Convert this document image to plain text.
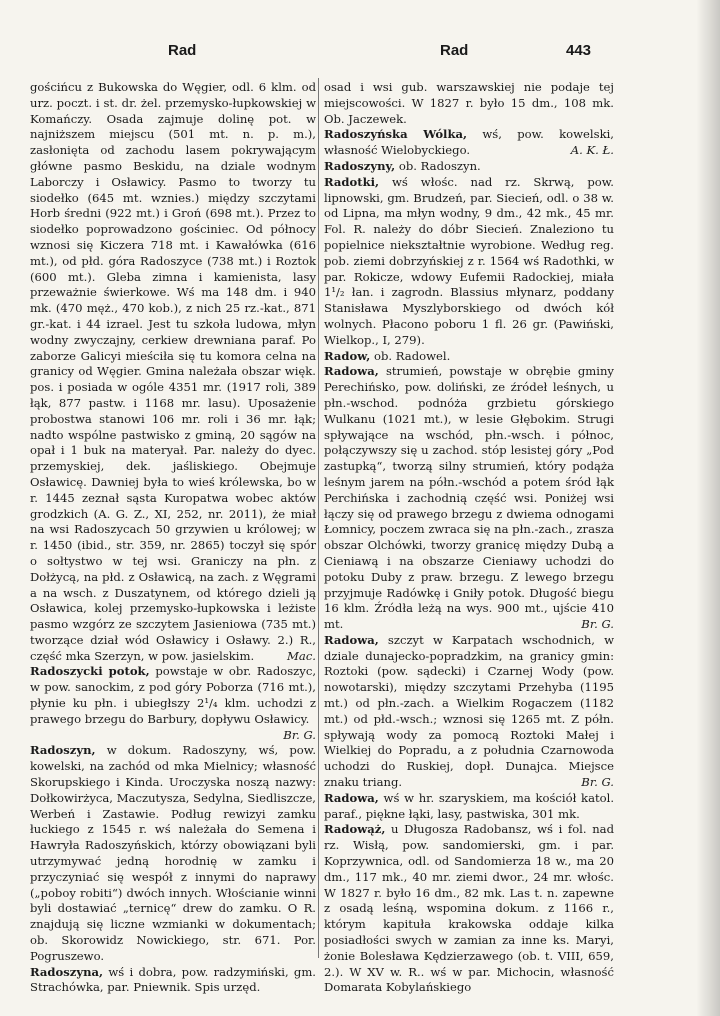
Rad	Rad	443

gościńcu z Bukowska do Węgier, odl. 6 klm. od urz. poczt. i st. dr. żel. przemysko-łupkowskiej w Komańczy. Osada zajmuje dolinę pot. w najniższem miejscu (501 mt. n. p. m.), zasłonięta od zachodu lasem pokrywającym główne pasmo Beskidu, na dziale wodnym Laborczy i Osławicy. Pasmo to tworzy tu siodełko (645 mt. wznies.) między szczytami Horb średni (922 mt.) i Groń (698 mt.). Przez to siodełko poprowadzono gościniec. Od północy wznosi się Kiczera 718 mt. i Kawałówka (616 mt.), od płd. góra Radoszyce (738 mt.) i Roztok (600 mt.). Gleba zimna i kamienista, lasy przeważnie świerkowe. Wś ma 148 dm. i 940 mk. (470 męż., 470 kob.), z nich 25 rz.-kat., 871 gr.-kat. i 44 izrael. Jest tu szkoła ludowa, młyn wodny zwyczajny, cerkiew drewniana paraf. Po zaborze Galicyi mieściła się tu komora celna na granicy od Węgier. Gmina należała obszar więk. pos. i posiada w ogóle 4351 mr. (1917 roli, 389 łąk, 877 pastw. i 1168 mr. lasu). Uposażenie probostwa stanowi 106 mr. roli i 36 mr. łąk; nadto wspólne pastwisko z gminą, 20 sągów na opał i 1 buk na materyał. Par. należy do dyec. przemyskiej, dek. jaśliskiego. Obejmuje Osławicę. Dawniej była to wieś królewska, bo w r. 1445 zeznał sąsta Kuropatwa wobec aktów grodzkich (A. G. Z., XI, 252, nr. 2011), że miał na wsi Radoszycach 50 grzywien u królowej; w r. 1450 (ibid., str. 359, nr. 2865) toczył się spór o sołtystwo w tej wsi. Graniczy na płn. z Dołżycą, na płd. z Osławicą, na zach. z Węgrami a na wsch. z Duszatynem, od którego dzieli ją Osławica, kolej przemysko-łupkowska i leżiste pasmo wzgórz ze szczytem Jasieniowa (735 mt.) tworzące dział wód Osławicy i Osławy. 2.) R., część mka Szerzyn, w pow. jasielskim.	Mac.

Radoszycki potok, powstaje w obr. Radoszyc, w pow. sanockim, z pod góry Poborza (716 mt.), płynie ku płn. i ubiegłszy 2¹/₄ klm. uchodzi z prawego brzegu do Barbury, dopływu Osławicy.
Br. G.

Radoszyn, w dokum. Radoszyny, wś, pow. kowelski, na zachód od mka Mielnicy; własność Skorupskiego i Kinda. Uroczyska noszą nazwy: Dołkowirżyca, Maczutysza, Sedylna, Siedliszcze, Werbeń i Zastawie. Podług rewizyi zamku łuckiego z 1545 r. wś należała do Semena i Hawryła Radoszyńskich, którzy obowiązani byli utrzymywać jedną horodnię w zamku i przyczyniać się wespół z innymi do naprawy („poboy robiti“) dwóch innych. Włościanie winni byli dostawiać „ternicę“ drew do zamku. O R. znajdują się liczne wzmianki w dokumentach; ob. Skorowidz Nowickiego, str. 671. Por. Pogruszewo.

Radoszyna, wś i dobra, pow. radzymiński, gm. Strachówka, par. Pniewnik. Spis urzęd.

osad i wsi gub. warszawskiej nie podaje tej miejscowości. W 1827 r. było 15 dm., 108 mk. Ob. Jaczewek.

Radoszyńska Wólka, wś, pow. kowelski, własność Wielobyckiego.	A. K. Ł.

Radoszyny, ob. Radoszyn.

Radotki, wś włośc. nad rz. Skrwą, pow. lipnowski, gm. Brudzeń, par. Siecień, odl. o 38 w. od Lipna, ma młyn wodny, 9 dm., 42 mk., 45 mr. Fol. R. należy do dóbr Siecień. Znaleziono tu popielnice niekształtnie wyrobione. Według reg. pob. ziemi dobrzyńskiej z r. 1564 wś Radothki, w par. Rokicze, wdowy Eufemii Radockiej, miała 1¹/₂ łan. i zagrodn. Blassius młynarz, poddany Stanisława Myszlyborskiego od dwóch kół wolnych. Płacono poboru 1 fl. 26 gr. (Pawiński, Wielkop., I, 279).

Radow, ob. Radowel.

Radowa, strumień, powstaje w obrębie gminy Perechińsko, pow. doliński, ze źródeł leśnych, u płn.-wschod. podnóża grzbietu górskiego Wulkanu (1021 mt.), w lesie Głębokim. Strugi spływające na wschód, płn.-wsch. i północ, połączywszy się u zachod. stóp lesistej góry „Pod zastupką“, tworzą silny strumień, który podąża leśnym jarem na półn.-wschód a potem śród łąk Perchińska i zachodnią część wsi. Poniżej wsi łączy się od prawego brzegu z dwiema odnogami Łomnicy, poczem zwraca się na płn.-zach., zrasza obszar Olchówki, tworzy granicę między Dubą a Cieniawą i na obszarze Cieniawy uchodzi do potoku Duby z praw. brzegu. Z lewego brzegu przyjmuje Radówkę i Gniły potok. Długość biegu 16 klm. Źródła leżą na wys. 900 mt., ujście 410 mt.	Br. G.

Radowa, szczyt w Karpatach wschodnich, w dziale dunajecko-popradzkim, na granicy gmin: Roztoki (pow. sądecki) i Czarnej Wody (pow. nowotarski), między szczytami Przehyba (1195 mt.) od płn.-zach. a Wielkim Rogaczem (1182 mt.) od płd.-wsch.; wznosi się 1265 mt. Z półn. spływają wody za pomocą Roztoki Małej i Wielkiej do Popradu, a z południa Czarnowoda uchodzi do Ruskiej, dopł. Dunajca. Miejsce znaku triang.	Br. G.

Radowa, wś w hr. szaryskiem, ma kościół katol. paraf., piękne łąki, lasy, pastwiska, 301 mk.

Radowąż, u Długosza Radobansz, wś i fol. nad rz. Wisłą, pow. sandomierski, gm. i par. Koprzywnica, odl. od Sandomierza 18 w., ma 20 dm., 117 mk., 40 mr. ziemi dwor., 24 mr. włośc. W 1827 r. było 16 dm., 82 mk. Las t. n. zapewne z osadą leśną, wspomina dokum. z 1166 r., którym kapituła krakowska oddaje kilka posiadłości swych w zamian za inne ks. Maryi, żonie Bolesława Kędzierzawego (ob. t. VIII, 659, 2.). W XV w. R.. wś w par. Michocin, własność Domarata Kobylańskiego
